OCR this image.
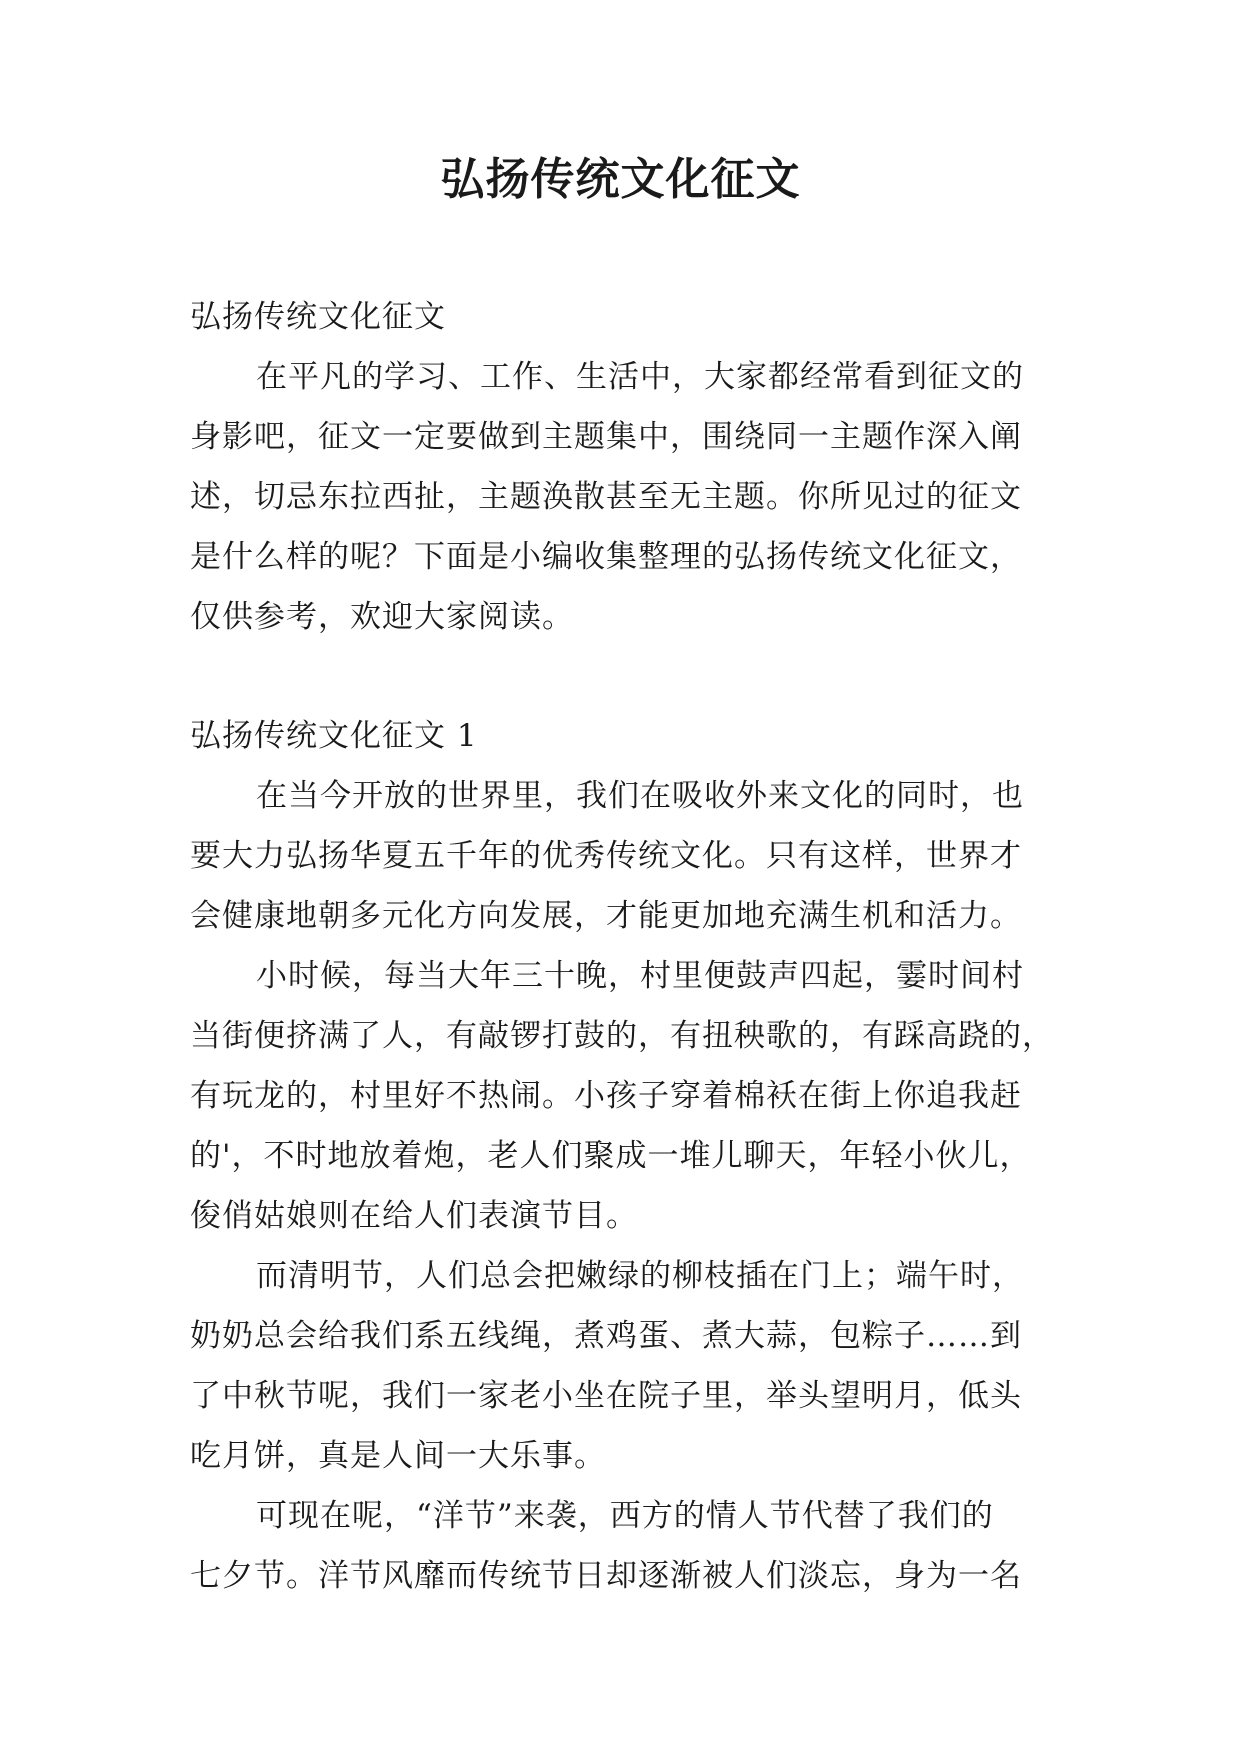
弘扬传统文化征文
弘扬传统文化征文
在平凡的学习、工作、生活中，大家都经常看到征文的
身影吧，征文一定要做到主题集中，围绕同一主题作深入阐
述，切忌东拉西扯，主题涣散甚至无主题。你所见过的征文
是什么样的呢？下面是小编收集整理的弘扬传统文化征文，
仅供参考，欢迎大家阅读。
弘扬传统文化征文 1
在当今开放的世界里，我们在吸收外来文化的同时，也
要大力弘扬华夏五千年的优秀传统文化。只有这样，世界才
会健康地朝多元化方向发展，才能更加地充满生机和活力。
小时候，每当大年三十晚，村里便鼓声四起，霎时间村
当街便挤满了人，有敲锣打鼓的，有扭秧歌的，有踩高跷的，
有玩龙的，村里好不热闹。小孩子穿着棉袄在街上你追我赶
的'，不时地放着炮，老人们聚成一堆儿聊天，年轻小伙儿，
俊俏姑娘则在给人们表演节目。
而清明节，人们总会把嫩绿的柳枝插在门上；端午时，
奶奶总会给我们系五线绳，煮鸡蛋、煮大蒜，包粽子……到
了中秋节呢，我们一家老小坐在院子里，举头望明月，低头
吃月饼，真是人间一大乐事。
可现在呢，“洋节”来袭，西方的情人节代替了我们的
七夕节。洋节风靡而传统节日却逐渐被人们淡忘，身为一名
